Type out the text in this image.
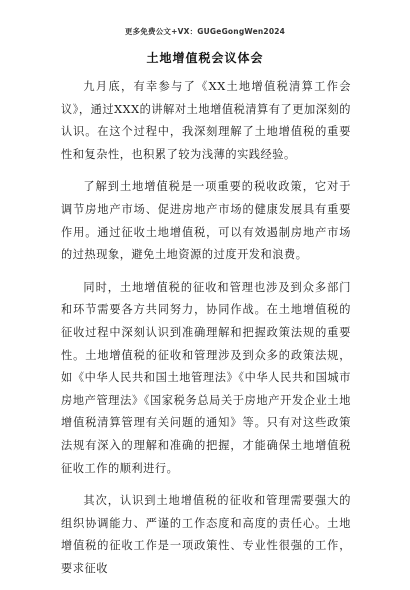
更多免费公文+VX：GUGeGongWen2024
土地增值税会议体会

九月底，有幸参与了《XX土地增值税清算工作会议》，通过XXX的讲解对土地增值税清算有了更加深刻的认识。在这个过程中，我深刻理解了土地增值税的重要性和复杂性，也积累了较为浅薄的实践经验。

了解到土地增值税是一项重要的税收政策，它对于调节房地产市场、促进房地产市场的健康发展具有重要作用。通过征收土地增值税，可以有效遏制房地产市场的过热现象，避免土地资源的过度开发和浪费。

同时，土地增值税的征收和管理也涉及到众多部门和环节需要各方共同努力，协同作战。在土地增值税的征收过程中深刻认识到准确理解和把握政策法规的重要性。土地增值税的征收和管理涉及到众多的政策法规，如《中华人民共和国土地管理法》《中华人民共和国城市房地产管理法》《国家税务总局关于房地产开发企业土地增值税清算管理有关问题的通知》等。只有对这些政策法规有深入的理解和准确的把握，才能确保土地增值税征收工作的顺利进行。

其次，认识到土地增值税的征收和管理需要强大的组织协调能力、严谨的工作态度和高度的责任心。土地增值税的征收工作是一项政策性、专业性很强的工作，要求征收
